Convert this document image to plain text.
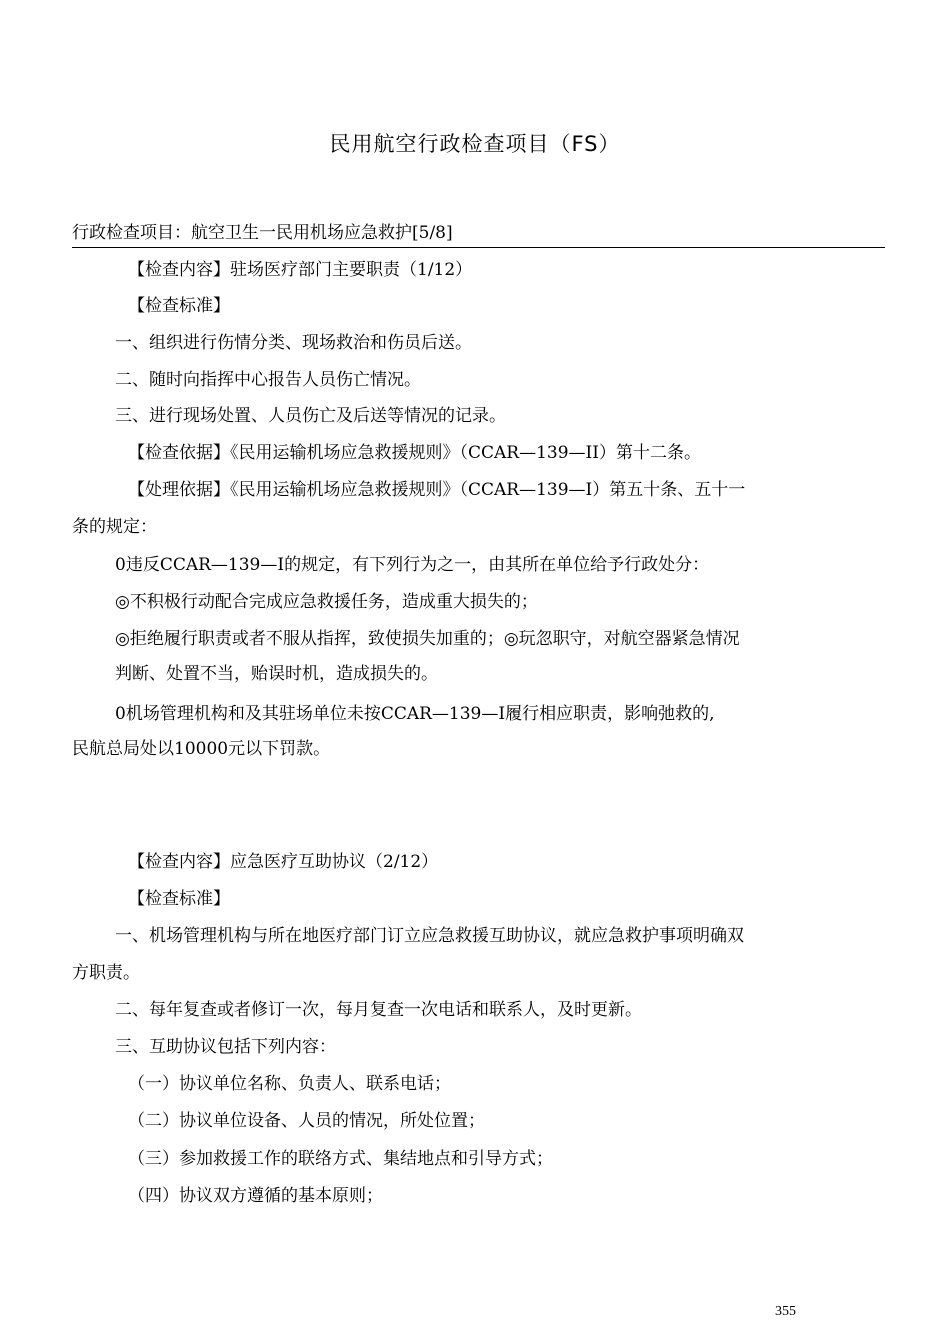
民用航空行政检查项目（FS）
行政检查项目：航空卫生一民用机场应急救护[5/8]
【检查内容】驻场医疗部门主要职责（1/12）
【检查标准】
一、组织进行伤情分类、现场救治和伤员后送。
二、随时向指挥中心报告人员伤亡情况。
三、进行现场处置、人员伤亡及后送等情况的记录。
【检查依据】《民用运输机场应急救援规则》（CCAR—139—II）第十二条。
【处理依据】《民用运输机场应急救援规则》（CCAR—139—I）第五十条、五十一
条的规定：
0违反CCAR—139—I的规定，有下列行为之一，由其所在单位给予行政处分：
◎不积极行动配合完成应急救援任务，造成重大损失的；
◎拒绝履行职责或者不服从指挥，致使损失加重的；◎玩忽职守，对航空器紧急情况
判断、处置不当，贻误时机，造成损失的。
0机场管理机构和及其驻场单位未按CCAR—139—I履行相应职责，影响弛救的,
民航总局处以10000元以下罚款。
【检查内容】应急医疗互助协议（2/12）
【检查标准】
一、机场管理机构与所在地医疗部门订立应急救援互助协议，就应急救护事项明确双
方职责。
二、每年复查或者修订一次，每月复查一次电话和联系人，及时更新。
三、互助协议包括下列内容：
（一）协议单位名称、负责人、联系电话；
（二）协议单位设备、人员的情况，所处位置；
（三）参加救援工作的联络方式、集结地点和引导方式；
（四）协议双方遵循的基本原则；
355
